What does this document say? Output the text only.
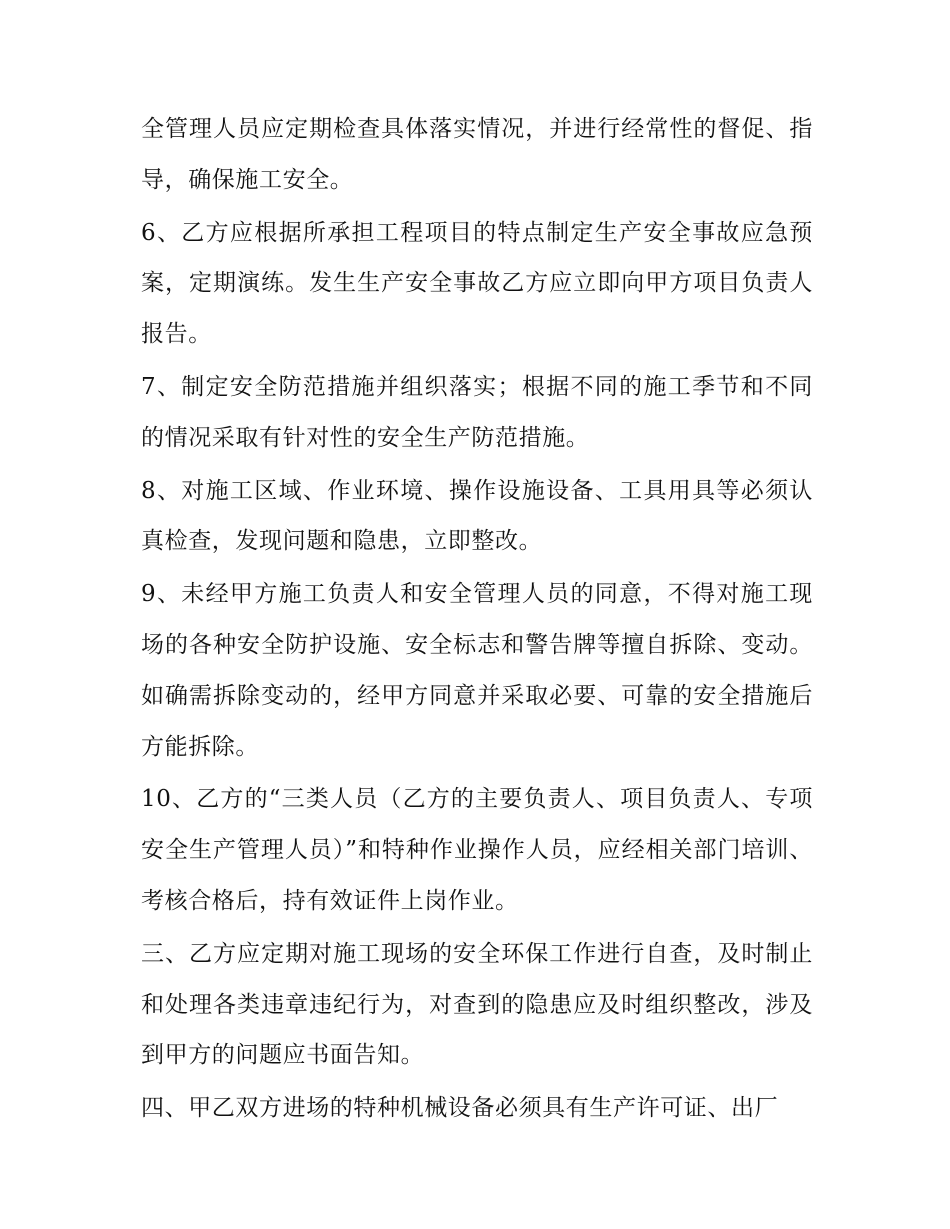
全管理人员应定期检查具体落实情况，并进行经常性的督促、指导，确保施工安全。

6、乙方应根据所承担工程项目的特点制定生产安全事故应急预案，定期演练。发生生产安全事故乙方应立即向甲方项目负责人报告。

7、制定安全防范措施并组织落实；根据不同的施工季节和不同的情况采取有针对性的安全生产防范措施。

8、对施工区域、作业环境、操作设施设备、工具用具等必须认真检查，发现问题和隐患，立即整改。

9、未经甲方施工负责人和安全管理人员的同意，不得对施工现场的各种安全防护设施、安全标志和警告牌等擅自拆除、变动。如确需拆除变动的，经甲方同意并采取必要、可靠的安全措施后方能拆除。

10、乙方的“三类人员（乙方的主要负责人、项目负责人、专项安全生产管理人员）”和特种作业操作人员，应经相关部门培训、考核合格后，持有效证件上岗作业。

三、乙方应定期对施工现场的安全环保工作进行自查，及时制止和处理各类违章违纪行为，对查到的隐患应及时组织整改，涉及到甲方的问题应书面告知。

四、甲乙双方进场的特种机械设备必须具有生产许可证、出厂
